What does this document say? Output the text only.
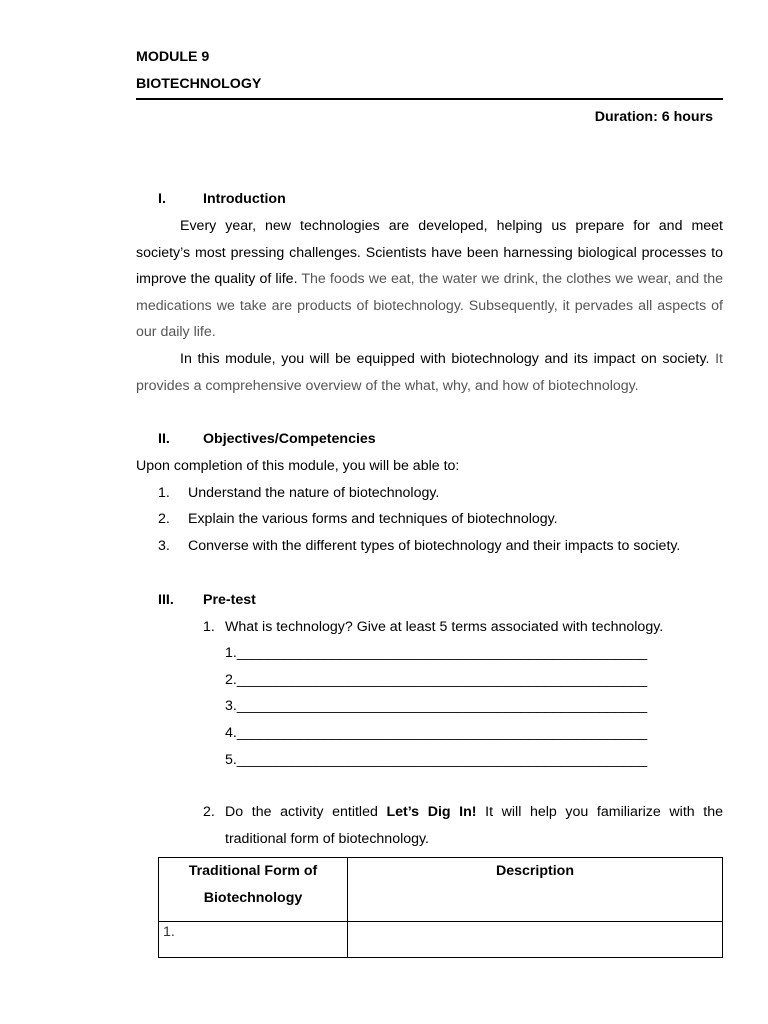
MODULE 9
BIOTECHNOLOGY
Duration: 6 hours
I.	Introduction

Every year, new technologies are developed, helping us prepare for and meet society’s most pressing challenges. Scientists have been harnessing biological processes to improve the quality of life. The foods we eat, the water we drink, the clothes we wear, and the medications we take are products of biotechnology. Subsequently, it pervades all aspects of our daily life.

In this module, you will be equipped with biotechnology and its impact on society. It provides a comprehensive overview of the what, why, and how of biotechnology.

II.	Objectives/Competencies

Upon completion of this module, you will be able to:

1.	Understand the nature of biotechnology.
2.	Explain the various forms and techniques of biotechnology.
3.	Converse with the different types of biotechnology and their impacts to society.
III.	Pre-test
1. What is technology? Give at least 5 terms associated with technology.
1.____________________________________________________
2.____________________________________________________
3.____________________________________________________
4.____________________________________________________
5.____________________________________________________
2. Do the activity entitled Let’s Dig In! It will help you familiarize with the traditional form of biotechnology.
Traditional Form of
Biotechnology	Description

1.	
